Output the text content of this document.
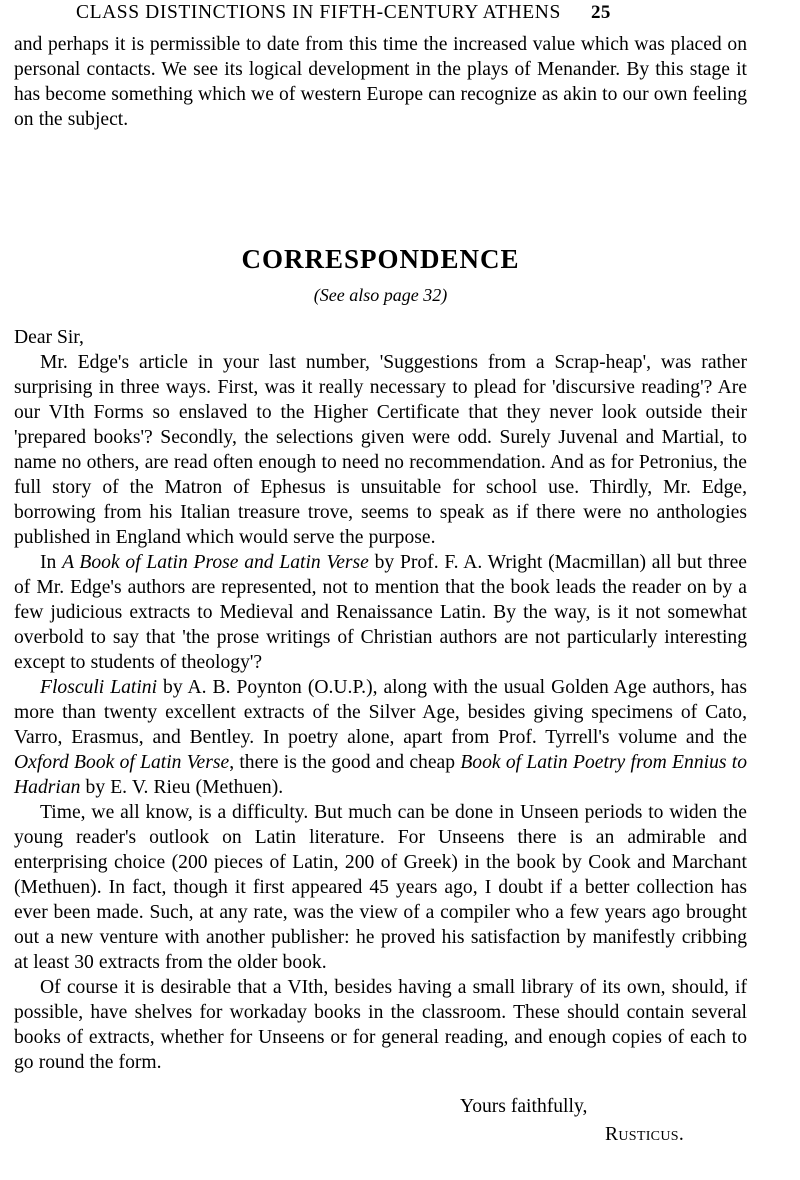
CLASS DISTINCTIONS IN FIFTH-CENTURY ATHENS 25

and perhaps it is permissible to date from this time the increased value which was placed on personal contacts. We see its logical development in the plays of Menander. By this stage it has become something which we of western Europe can recognize as akin to our own feeling on the subject.

CORRESPONDENCE
(See also page 32)

Dear Sir,

Mr. Edge's article in your last number, 'Suggestions from a Scrap-heap', was rather surprising in three ways. First, was it really necessary to plead for 'discursive reading'? Are our VIth Forms so enslaved to the Higher Certificate that they never look outside their 'prepared books'? Secondly, the selections given were odd. Surely Juvenal and Martial, to name no others, are read often enough to need no recommendation. And as for Petronius, the full story of the Matron of Ephesus is unsuitable for school use. Thirdly, Mr. Edge, borrowing from his Italian treasure trove, seems to speak as if there were no anthologies published in England which would serve the purpose.

In A Book of Latin Prose and Latin Verse by Prof. F. A. Wright (Macmillan) all but three of Mr. Edge's authors are represented, not to mention that the book leads the reader on by a few judicious extracts to Medieval and Renaissance Latin. By the way, is it not somewhat overbold to say that 'the prose writings of Christian authors are not particularly interesting except to students of theology'?

Flosculi Latini by A. B. Poynton (O.U.P.), along with the usual Golden Age authors, has more than twenty excellent extracts of the Silver Age, besides giving specimens of Cato, Varro, Erasmus, and Bentley. In poetry alone, apart from Prof. Tyrrell's volume and the Oxford Book of Latin Verse, there is the good and cheap Book of Latin Poetry from Ennius to Hadrian by E. V. Rieu (Methuen).

Time, we all know, is a difficulty. But much can be done in Unseen periods to widen the young reader's outlook on Latin literature. For Unseens there is an admirable and enterprising choice (200 pieces of Latin, 200 of Greek) in the book by Cook and Marchant (Methuen). In fact, though it first appeared 45 years ago, I doubt if a better collection has ever been made. Such, at any rate, was the view of a compiler who a few years ago brought out a new venture with another publisher: he proved his satisfaction by manifestly cribbing at least 30 extracts from the older book.

Of course it is desirable that a VIth, besides having a small library of its own, should, if possible, have shelves for workaday books in the classroom. These should contain several books of extracts, whether for Unseens or for general reading, and enough copies of each to go round the form.

Yours faithfully,

Rusticus.
